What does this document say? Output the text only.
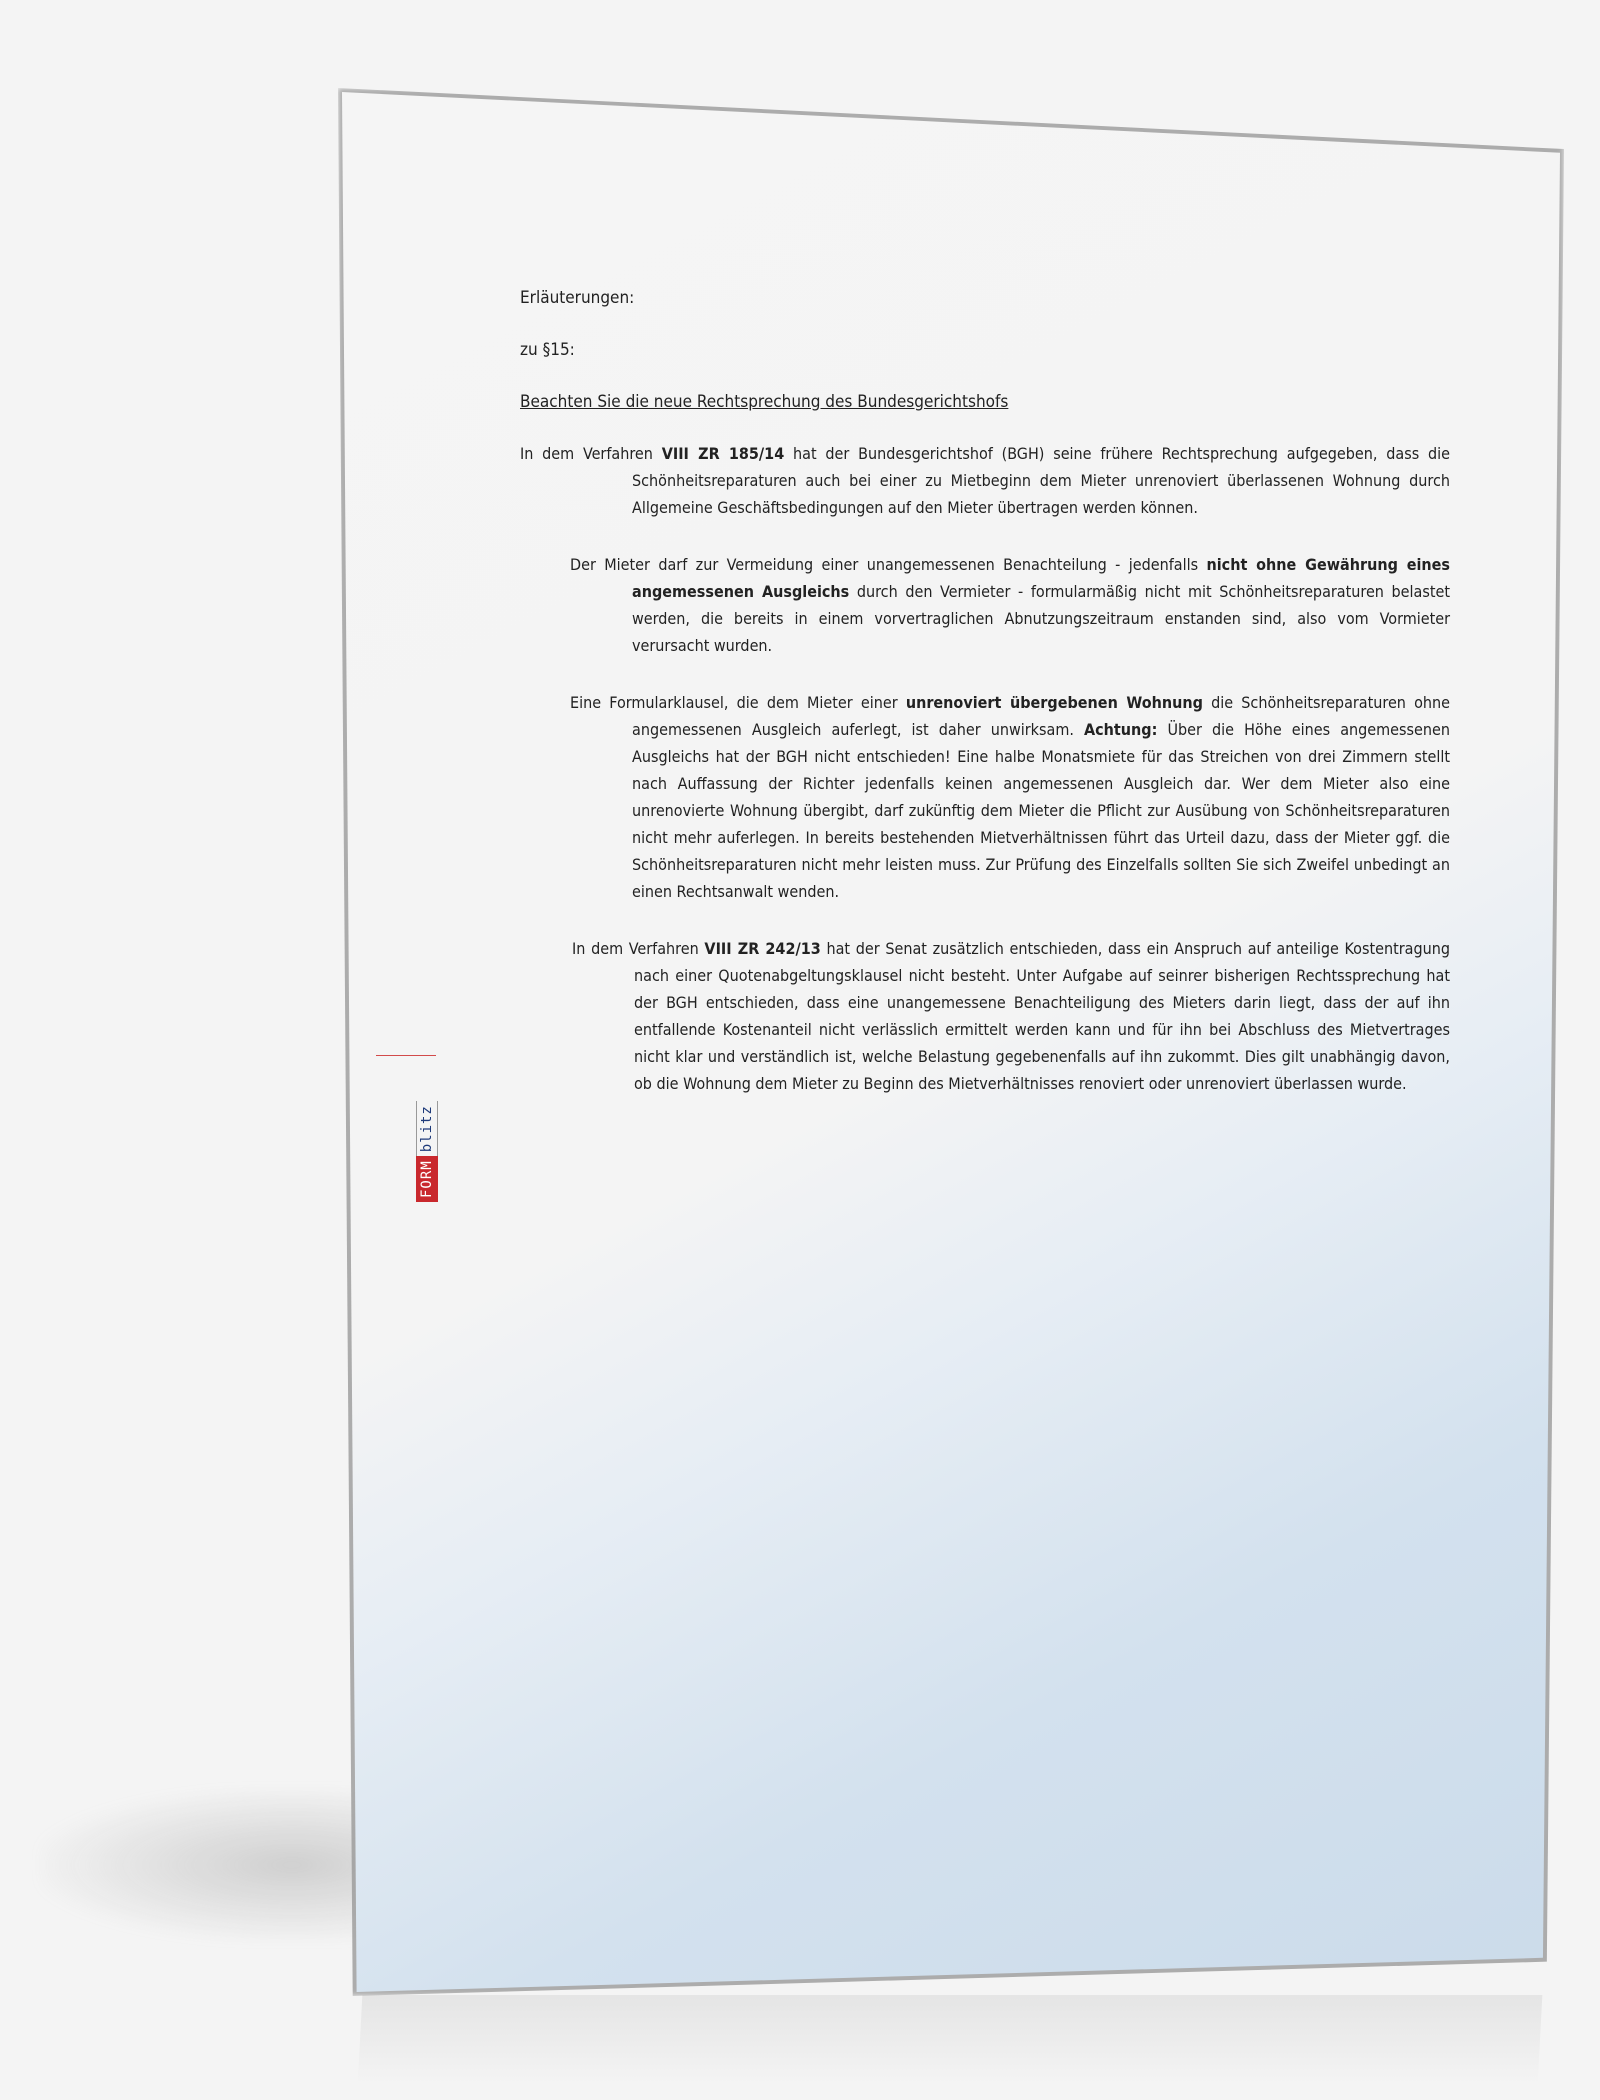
FORMblitz
Erläuterungen:
zu §15:
Beachten Sie die neue Rechtsprechung des Bundesgerichtshofs
In dem Verfahren VIII ZR 185/14 hat der Bundesgerichtshof (BGH) seine frühere Rechtsprechung aufgegeben, dass die Schönheitsreparaturen auch bei einer zu Mietbeginn dem Mieter unrenoviert überlassenen Wohnung durch Allgemeine Geschäftsbedingungen auf den Mieter übertragen werden können.
Der Mieter darf zur Vermeidung einer unangemessenen Benachteilung - jedenfalls nicht ohne Gewährung eines angemessenen Ausgleichs durch den Vermieter - formularmäßig nicht mit Schönheitsreparaturen belastet werden, die bereits in einem vorvertraglichen Abnutzungszeitraum enstanden sind, also vom Vormieter verursacht wurden.
Eine Formularklausel, die dem Mieter einer unrenoviert übergebenen Wohnung die Schönheitsreparaturen ohne angemessenen Ausgleich auferlegt, ist daher unwirksam. Achtung: Über die Höhe eines angemessenen Ausgleichs hat der BGH nicht entschieden! Eine halbe Monatsmiete für das Streichen von drei Zimmern stellt nach Auffassung der Richter jedenfalls keinen angemessenen Ausgleich dar. Wer dem Mieter also eine unrenovierte Wohnung übergibt, darf zukünftig dem Mieter die Pflicht zur Ausübung von Schönheitsreparaturen nicht mehr auferlegen. In bereits bestehenden Mietverhältnissen führt das Urteil dazu, dass der Mieter ggf. die Schönheitsreparaturen nicht mehr leisten muss. Zur Prüfung des Einzelfalls sollten Sie sich Zweifel unbedingt an einen Rechtsanwalt wenden.
In dem Verfahren VIII ZR 242/13 hat der Senat zusätzlich entschieden, dass ein Anspruch auf anteilige Kostentragung nach einer Quotenabgeltungsklausel nicht besteht. Unter Aufgabe auf seinrer bisherigen Rechtssprechung hat der BGH entschieden, dass eine unangemessene Benachteiligung des Mieters darin liegt, dass der auf ihn entfallende Kostenanteil nicht verlässlich ermittelt werden kann und für ihn bei Abschluss des Mietvertrages nicht klar und verständlich ist, welche Belastung gegebenenfalls auf ihn zukommt. Dies gilt unabhängig davon, ob die Wohnung dem Mieter zu Beginn des Mietverhältnisses renoviert oder unrenoviert überlassen wurde.
